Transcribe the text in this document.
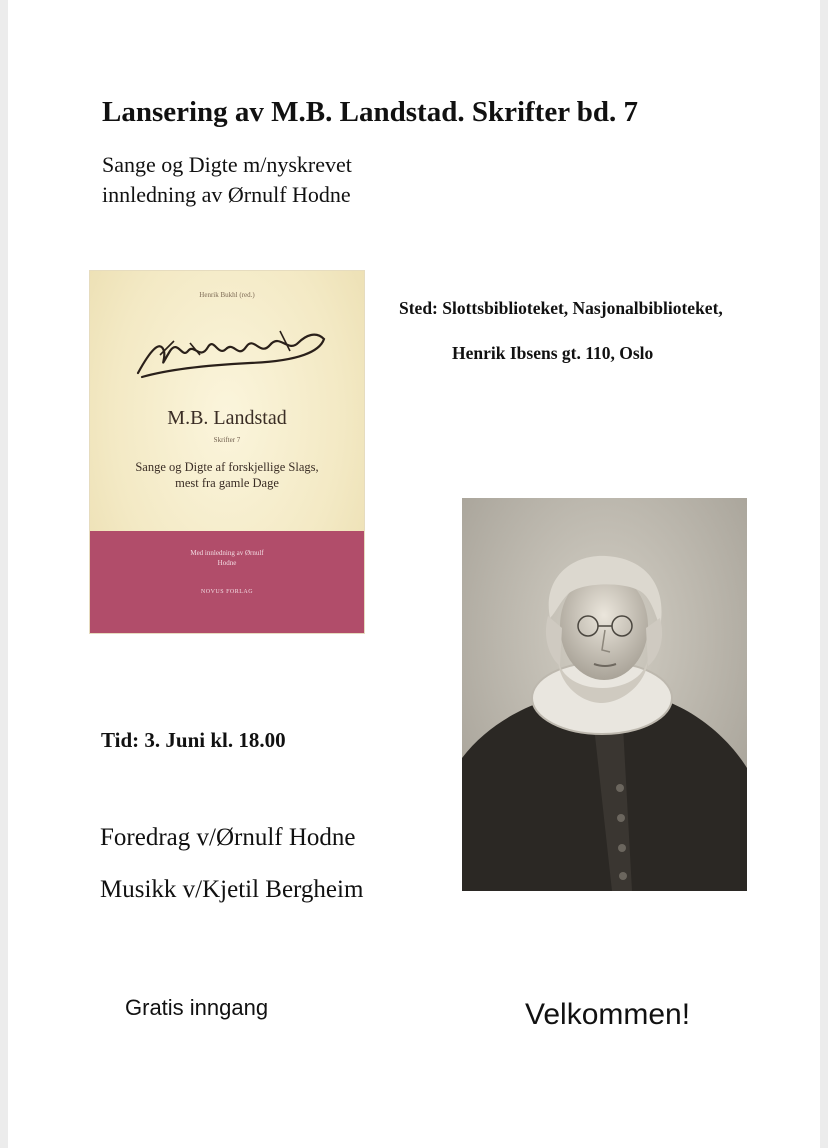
Lansering av M.B. Landstad. Skrifter bd. 7
Sange og Digte m/nyskrevet
innledning av Ørnulf Hodne
Henrik Bukhl (red.)
M.B. Landstad
Skrifter 7
Sange og Digte af forskjellige Slags, mest fra gamle Dage
Med innledning av Ørnulf Hodne
NOVUS FORLAG
Sted: Slottsbiblioteket, Nasjonalbiblioteket,
Henrik Ibsens gt. 110, Oslo
Tid: 3. Juni kl. 18.00
Foredrag v/Ørnulf Hodne
Musikk v/Kjetil Bergheim
Gratis inngang	Velkommen!
